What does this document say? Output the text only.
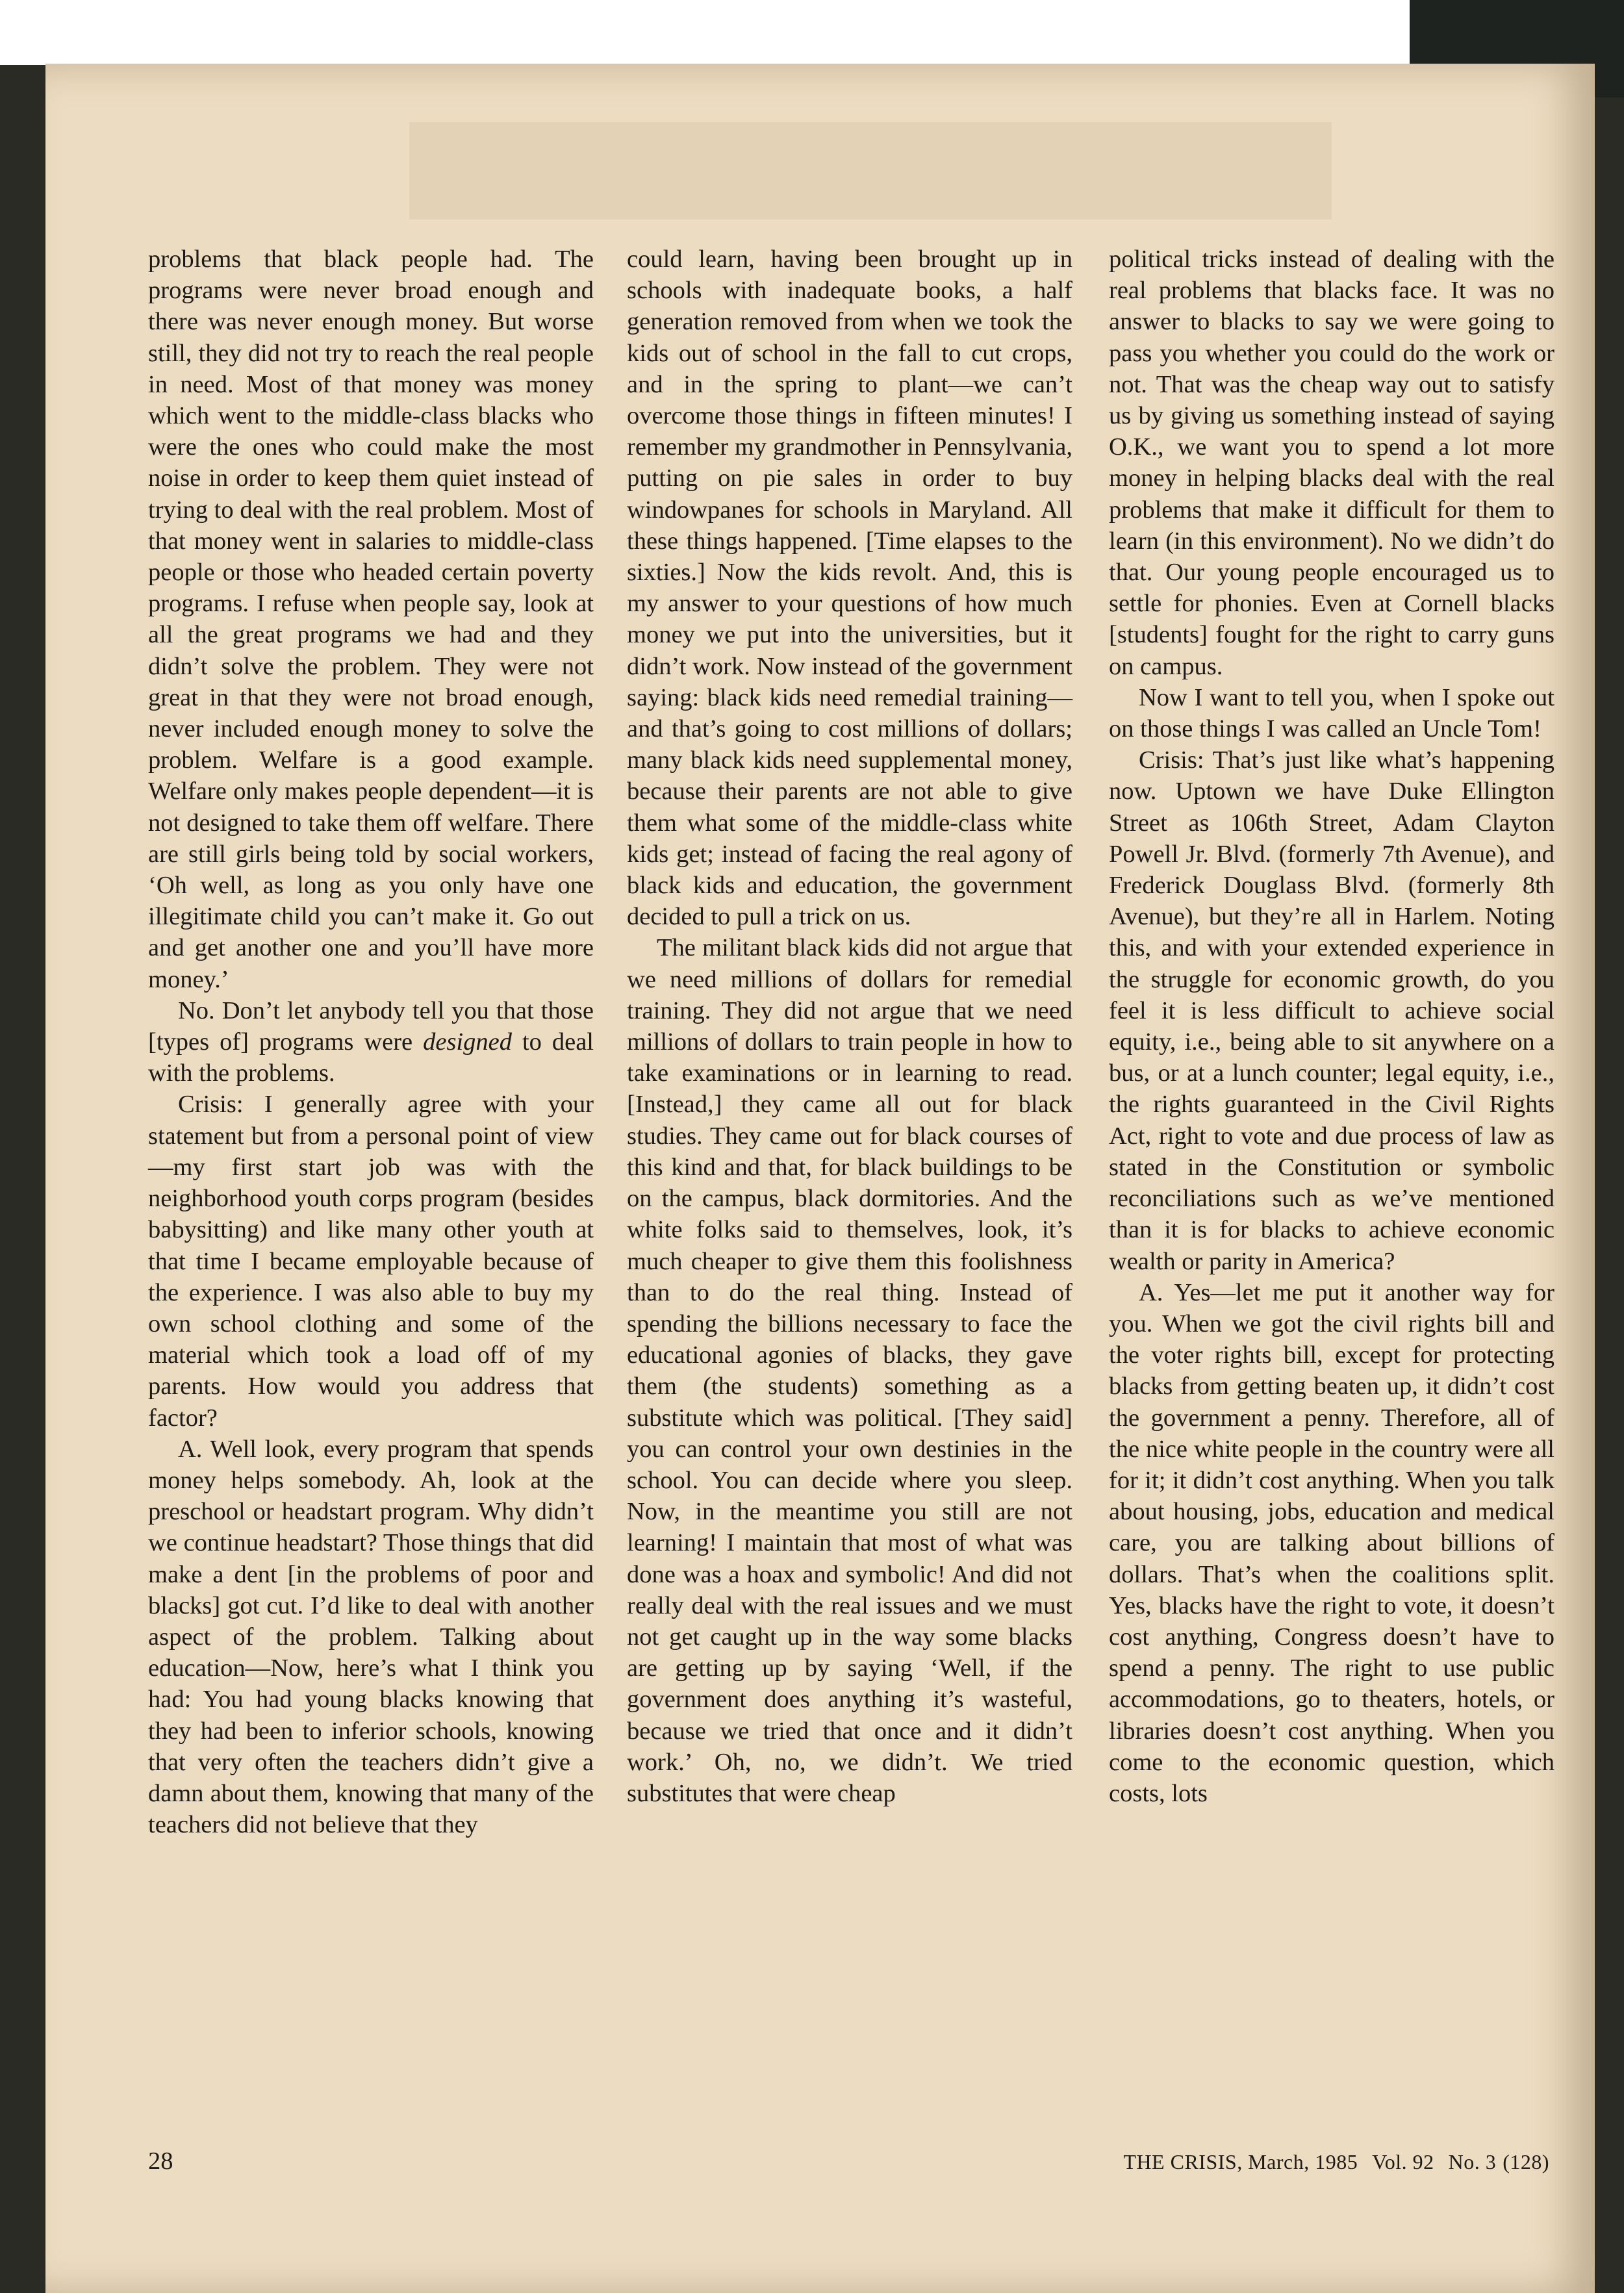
problems that black people had. The programs were never broad enough and there was never enough money. But worse still, they did not try to reach the real people in need. Most of that money was money which went to the middle-class blacks who were the ones who could make the most noise in order to keep them quiet instead of trying to deal with the real problem. Most of that money went in salaries to middle-class people or those who headed certain poverty programs. I refuse when people say, look at all the great programs we had and they didn’t solve the problem. They were not great in that they were not broad enough, never included enough money to solve the problem. Welfare is a good example. Welfare only makes people dependent—it is not designed to take them off welfare. There are still girls being told by social workers, ‘Oh well, as long as you only have one illegitimate child you can’t make it. Go out and get another one and you’ll have more money.’

No. Don’t let anybody tell you that those [types of] programs were designed to deal with the problems.

Crisis: I generally agree with your statement but from a personal point of view—my first start job was with the neighborhood youth corps program (besides babysitting) and like many other youth at that time I became employable because of the experience. I was also able to buy my own school clothing and some of the material which took a load off of my parents. How would you address that factor?

A. Well look, every program that spends money helps somebody. Ah, look at the preschool or headstart program. Why didn’t we continue headstart? Those things that did make a dent [in the problems of poor and blacks] got cut. I’d like to deal with another aspect of the problem. Talking about education—Now, here’s what I think you had: You had young blacks knowing that they had been to inferior schools, knowing that very often the teachers didn’t give a damn about them, knowing that many of the teachers did not believe that they

could learn, having been brought up in schools with inadequate books, a half generation removed from when we took the kids out of school in the fall to cut crops, and in the spring to plant—we can’t overcome those things in fifteen minutes! I remember my grandmother in Pennsylvania, putting on pie sales in order to buy windowpanes for schools in Maryland. All these things happened. [Time elapses to the sixties.] Now the kids revolt. And, this is my answer to your questions of how much money we put into the universities, but it didn’t work. Now instead of the government saying: black kids need remedial training—and that’s going to cost millions of dollars; many black kids need supplemental money, because their parents are not able to give them what some of the middle-class white kids get; instead of facing the real agony of black kids and education, the government decided to pull a trick on us.

The militant black kids did not argue that we need millions of dollars for remedial training. They did not argue that we need millions of dollars to train people in how to take examinations or in learning to read. [Instead,] they came all out for black studies. They came out for black courses of this kind and that, for black buildings to be on the campus, black dormitories. And the white folks said to themselves, look, it’s much cheaper to give them this foolishness than to do the real thing. Instead of spending the billions necessary to face the educational agonies of blacks, they gave them (the students) something as a substitute which was political. [They said] you can control your own destinies in the school. You can decide where you sleep. Now, in the meantime you still are not learning! I maintain that most of what was done was a hoax and symbolic! And did not really deal with the real issues and we must not get caught up in the way some blacks are getting up by saying ‘Well, if the government does anything it’s wasteful, because we tried that once and it didn’t work.’ Oh, no, we didn’t. We tried substitutes that were cheap

political tricks instead of dealing with the real problems that blacks face. It was no answer to blacks to say we were going to pass you whether you could do the work or not. That was the cheap way out to satisfy us by giving us something instead of saying O.K., we want you to spend a lot more money in helping blacks deal with the real problems that make it difficult for them to learn (in this environment). No we didn’t do that. Our young people encouraged us to settle for phonies. Even at Cornell blacks [students] fought for the right to carry guns on campus.

Now I want to tell you, when I spoke out on those things I was called an Uncle Tom!

Crisis: That’s just like what’s happening now. Uptown we have Duke Ellington Street as 106th Street, Adam Clayton Powell Jr. Blvd. (formerly 7th Avenue), and Frederick Douglass Blvd. (formerly 8th Avenue), but they’re all in Harlem. Noting this, and with your extended experience in the struggle for economic growth, do you feel it is less difficult to achieve social equity, i.e., being able to sit anywhere on a bus, or at a lunch counter; legal equity, i.e., the rights guaranteed in the Civil Rights Act, right to vote and due process of law as stated in the Constitution or symbolic reconciliations such as we’ve mentioned than it is for blacks to achieve economic wealth or parity in America?

A. Yes—let me put it another way for you. When we got the civil rights bill and the voter rights bill, except for protecting blacks from getting beaten up, it didn’t cost the government a penny. Therefore, all of the nice white people in the country were all for it; it didn’t cost anything. When you talk about housing, jobs, education and medical care, you are talking about billions of dollars. That’s when the coalitions split. Yes, blacks have the right to vote, it doesn’t cost anything, Congress doesn’t have to spend a penny. The right to use public accommodations, go to theaters, hotels, or libraries doesn’t cost anything. When you come to the economic question, which costs, lots

28	THE CRISIS, March, 1985 Vol. 92 No. 3 (128)
